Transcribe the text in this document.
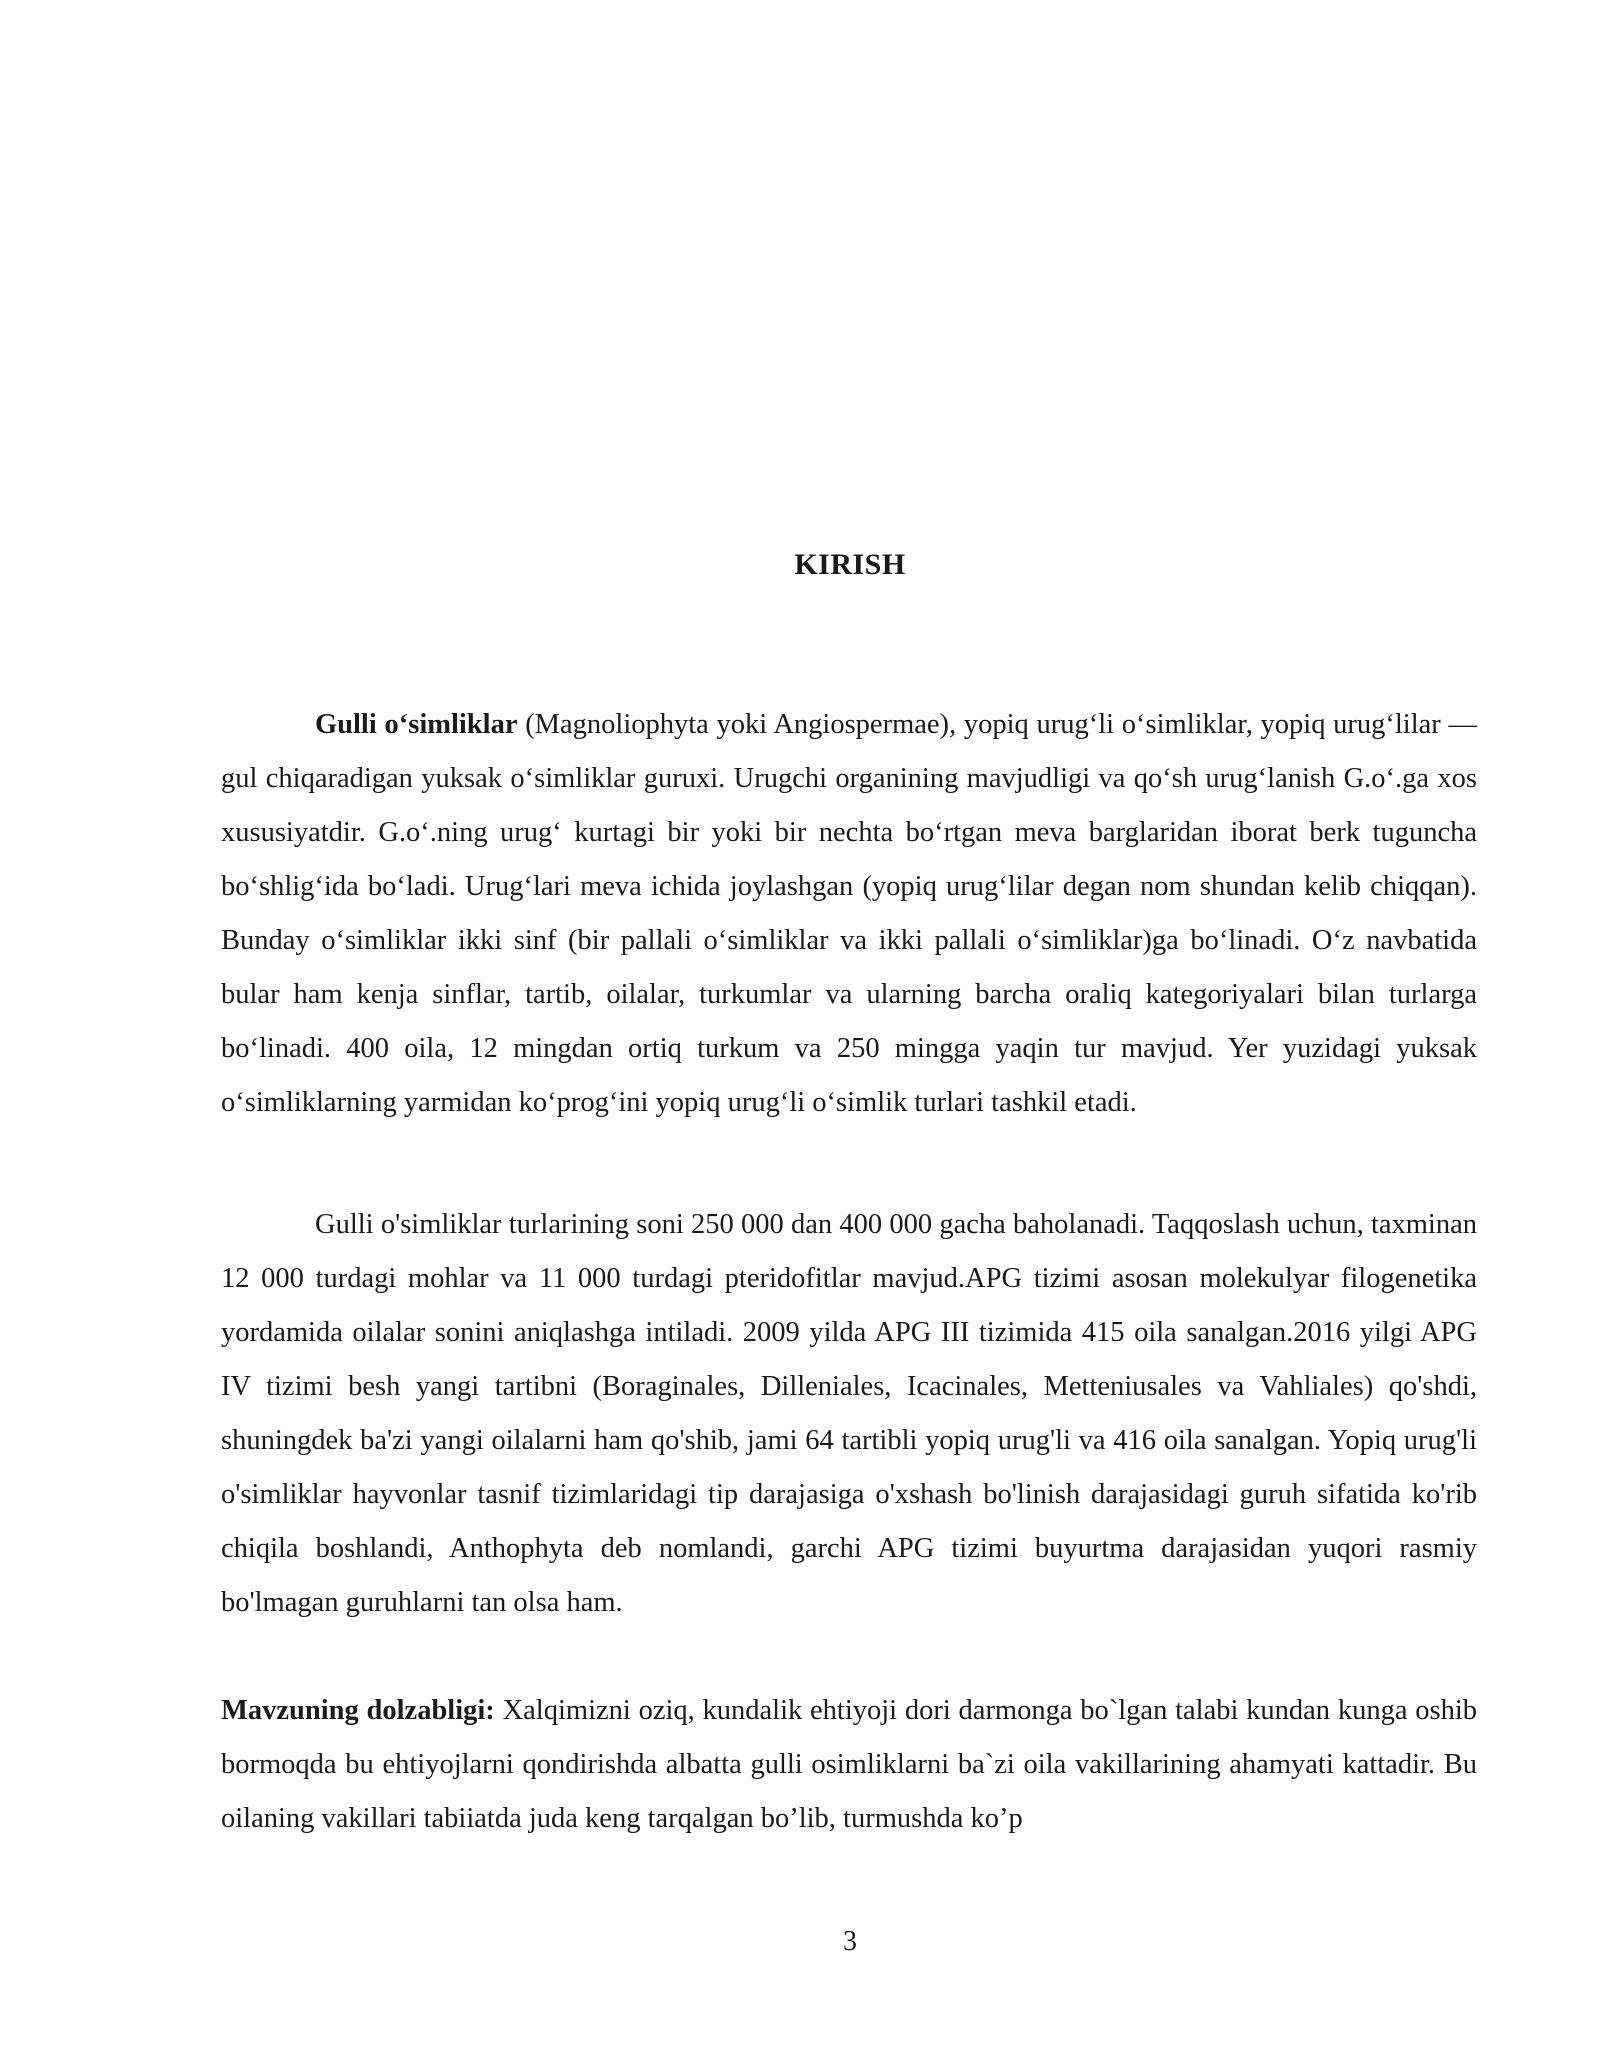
KIRISH

Gulli o‘simliklar (Magnoliophyta yoki Angiospermae), yopiq urug‘li o‘simliklar, yopiq urug‘lilar — gul chiqaradigan yuksak o‘simliklar guruxi. Urugchi organining mavjudligi va qo‘sh urug‘lanish G.o‘.ga xos xususiyatdir. G.o‘.ning urug‘ kurtagi bir yoki bir nechta bo‘rtgan meva barglaridan iborat berk tuguncha bo‘shlig‘ida bo‘ladi. Urug‘lari meva ichida joylashgan (yopiq urug‘lilar degan nom shundan kelib chiqqan). Bunday o‘simliklar ikki sinf (bir pallali o‘simliklar va ikki pallali o‘simliklar)ga bo‘linadi. O‘z navbatida bular ham kenja sinflar, tartib, oilalar, turkumlar va ularning barcha oraliq kategoriyalari bilan turlarga bo‘linadi. 400 oila, 12 mingdan ortiq turkum va 250 mingga yaqin tur mavjud. Yer yuzidagi yuksak o‘simliklarning yarmidan ko‘prog‘ini yopiq urug‘li o‘simlik turlari tashkil etadi.

Gulli o'simliklar turlarining soni 250 000 dan 400 000 gacha baholanadi. Taqqoslash uchun, taxminan 12 000 turdagi mohlar va 11 000 turdagi pteridofitlar mavjud.APG tizimi asosan molekulyar filogenetika yordamida oilalar sonini aniqlashga intiladi. 2009 yilda APG III tizimida 415 oila sanalgan.2016 yilgi APG IV tizimi besh yangi tartibni (Boraginales, Dilleniales, Icacinales, Metteniusales va Vahliales) qo'shdi, shuningdek ba'zi yangi oilalarni ham qo'shib, jami 64 tartibli yopiq urug'li va 416 oila sanalgan. Yopiq urug'li o'simliklar hayvonlar tasnif tizimlaridagi tip darajasiga o'xshash bo'linish darajasidagi guruh sifatida ko'rib chiqila boshlandi, Anthophyta deb nomlandi, garchi APG tizimi buyurtma darajasidan yuqori rasmiy bo'lmagan guruhlarni tan olsa ham.

Mavzuning dolzabligi: Xalqimizni oziq, kundalik ehtiyoji dori darmonga bo`lgan talabi kundan kunga oshib bormoqda bu ehtiyojlarni qondirishda albatta gulli osimliklarni ba`zi oila vakillarining ahamyati kattadir. Bu oilaning vakillari tabiiatda juda keng tarqalgan bo’lib, turmushda ko’p

3
